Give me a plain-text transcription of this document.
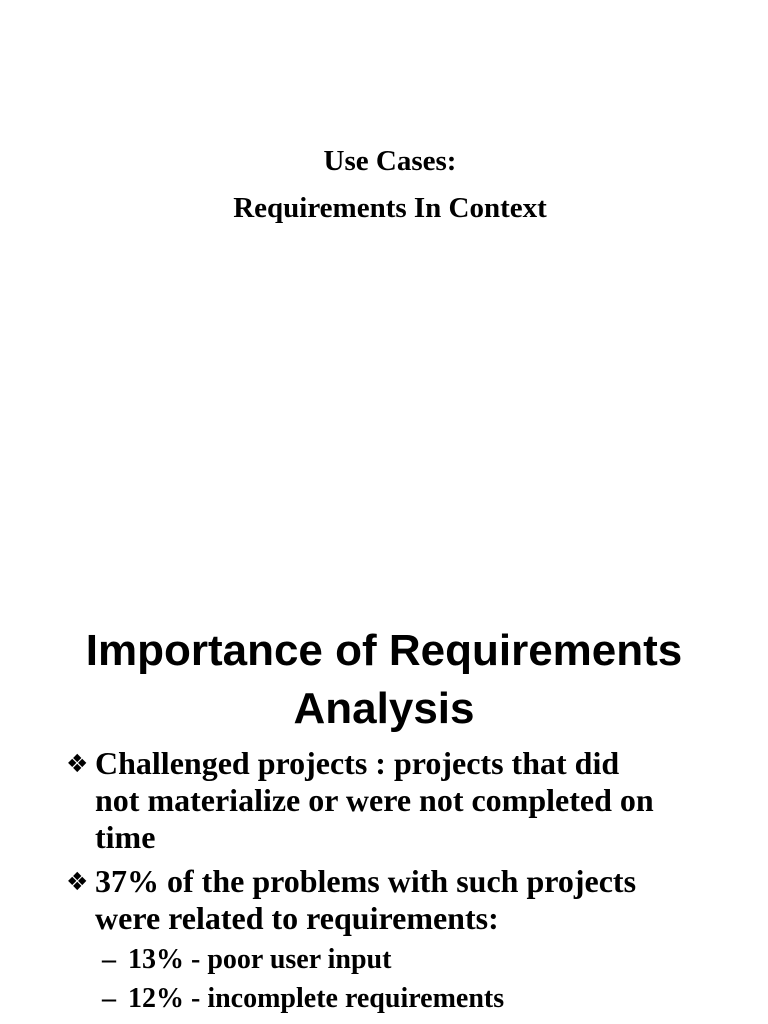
Use Cases:
Requirements In Context
Importance of Requirements
Analysis
❖ Challenged projects : projects that did
not materialize or were not completed on
time
❖ 37% of the problems with such projects
were related to requirements:
– 13% - poor user input
– 12% - incomplete requirements
